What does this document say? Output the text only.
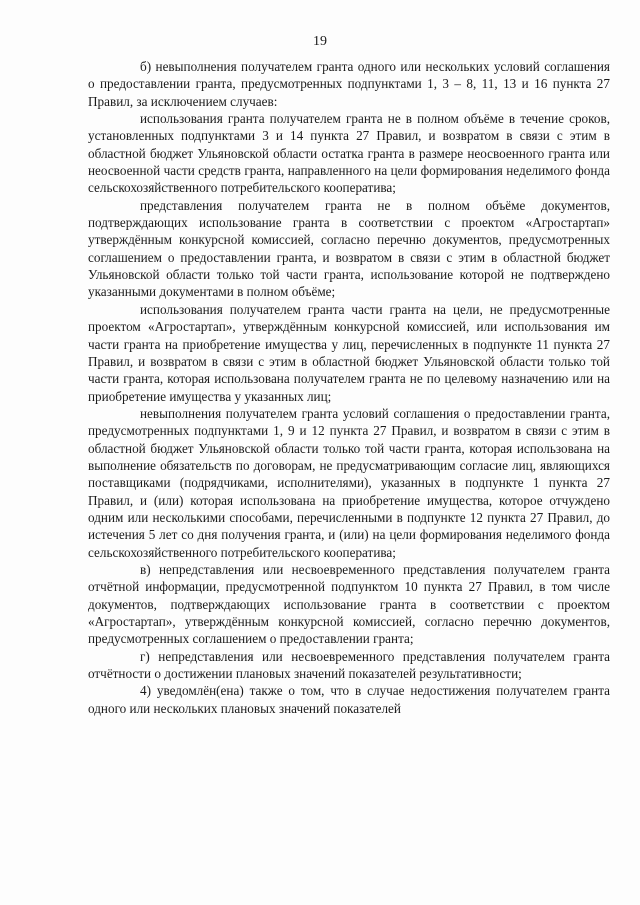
19

б) невыполнения получателем гранта одного или нескольких условий соглашения о предоставлении гранта, предусмотренных подпунктами 1, 3 – 8, 11, 13 и 16 пункта 27 Правил, за исключением случаев:

использования гранта получателем гранта не в полном объёме в течение сроков, установленных подпунктами 3 и 14 пункта 27 Правил, и возвратом в связи с этим в областной бюджет Ульяновской области остатка гранта в размере неосвоенного гранта или неосвоенной части средств гранта, направленного на цели формирования неделимого фонда сельскохозяйственного потребительского кооператива;

представления получателем гранта не в полном объёме документов, подтверждающих использование гранта в соответствии с проектом «Агростартап» утверждённым конкурсной комиссией, согласно перечню документов, предусмотренных соглашением о предоставлении гранта, и возвратом в связи с этим в областной бюджет Ульяновской области только той части гранта, использование которой не подтверждено указанными документами в полном объёме;

использования получателем гранта части гранта на цели, не предусмотренные проектом «Агростартап», утверждённым конкурсной комиссией, или использования им части гранта на приобретение имущества у лиц, перечисленных в подпункте 11 пункта 27 Правил, и возвратом в связи с этим в областной бюджет Ульяновской области только той части гранта, которая использована получателем гранта не по целевому назначению или на приобретение имущества у указанных лиц;

невыполнения получателем гранта условий соглашения о предоставлении гранта, предусмотренных подпунктами 1, 9 и 12 пункта 27 Правил, и возвратом в связи с этим в областной бюджет Ульяновской области только той части гранта, которая использована на выполнение обязательств по договорам, не предусматривающим согласие лиц, являющихся поставщиками (подрядчиками, исполнителями), указанных в подпункте 1 пункта 27 Правил, и (или) которая использована на приобретение имущества, которое отчуждено одним или несколькими способами, перечисленными в подпункте 12 пункта 27 Правил, до истечения 5 лет со дня получения гранта, и (или) на цели формирования неделимого фонда сельскохозяйственного потребительского кооператива;

в) непредставления или несвоевременного представления получателем гранта отчётной информации, предусмотренной подпунктом 10 пункта 27 Правил, в том числе документов, подтверждающих использование гранта в соответствии с проектом «Агростартап», утверждённым конкурсной комиссией, согласно перечню документов, предусмотренных соглашением о предоставлении гранта;

г) непредставления или несвоевременного представления получателем гранта отчётности о достижении плановых значений показателей результативности;

4) уведомлён(ена) также о том, что в случае недостижения получателем гранта одного или нескольких плановых значений показателей
